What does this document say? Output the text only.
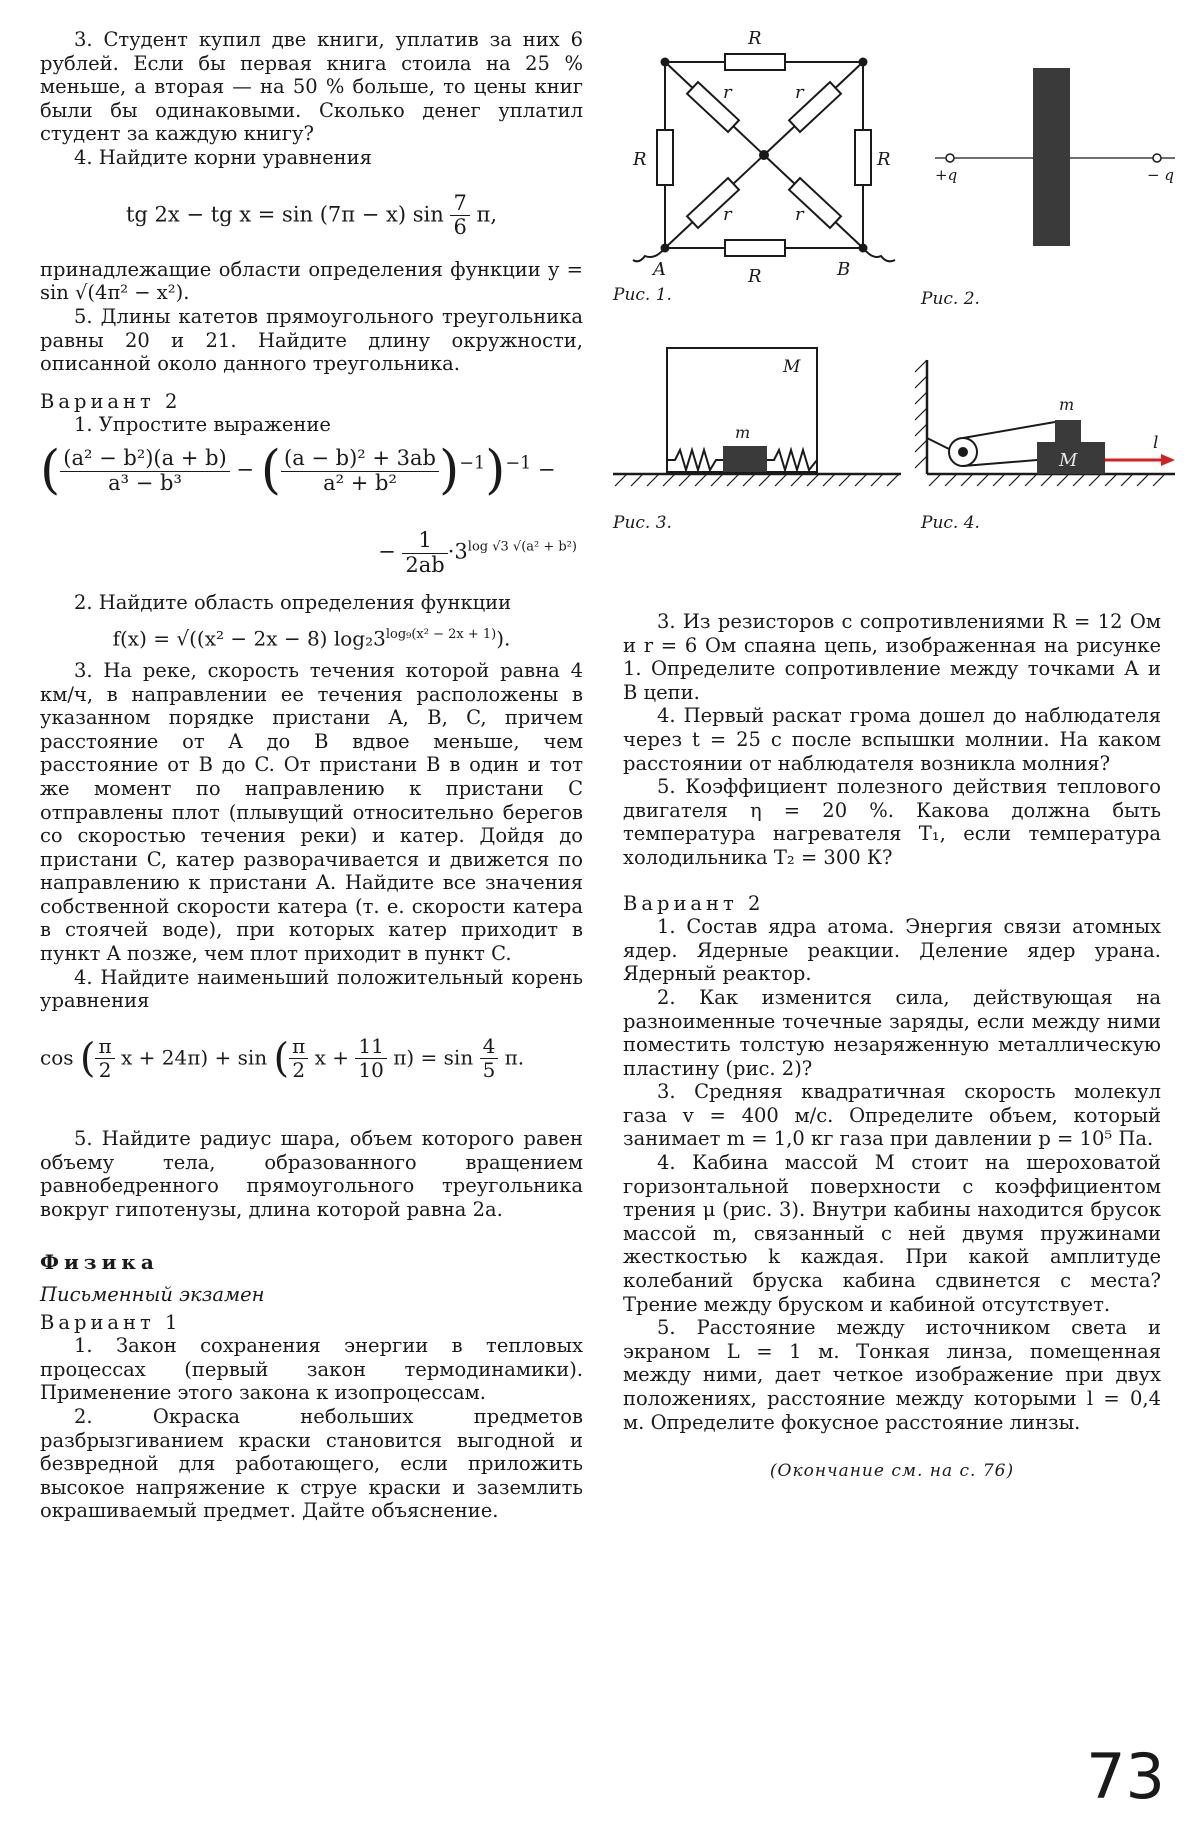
3. Студент купил две книги, уплатив за них 6 рублей. Если бы первая книга стоила на 25 % меньше, а вторая — на 50 % больше, то цены книг были бы одинаковыми. Сколько денег уплатил студент за каждую книгу?

4. Найдите корни уравнения

tg 2x − tg x = sin (7π − x) $\sin \frac{7}{6} \pi$,

принадлежащие области определения функции y = sin √(4π² − x²).

5. Длины катетов прямоугольного треугольника равны 20 и 21. Найдите длину окружности, описанной около данного треугольника.

Вариант 2

1. Упростите выражение

( $\frac{\text{(a² − b²)(a + b)}}{\text{a³ − b³}}$ − ( $\frac{\text{(a − b)² + 3ab}}{\text{a² + b²}} )^{-1})^{-1}$ −
− $\frac{1}{2ab} \cdot 3^{log √3 √(a^2 + b^2)}$

2. Найдите область определения функции

f(x) = √((x² − 2x − 8) $\log_23^{log_9(x^2 - 2x + 1)}$).

3. На реке, скорость течения которой равна 4 км/ч, в направлении ее течения расположены в указанном порядке пристани A, B, C, причем расстояние от A до B вдвое меньше, чем расстояние от B до C. От пристани B в один и тот же момент по направлению к пристани C отправлены плот (плывущий относительно берегов со скоростью течения реки) и катер. Дойдя до пристани C, катер разворачивается и движется по направлению к пристани A. Найдите все значения собственной скорости катера (т. е. скорости катера в стоячей воде), при которых катер приходит в пункт A позже, чем плот приходит в пункт C.

4. Найдите наименьший положительный корень уравнения

cos ( $\frac{\pi}{2}$ x + 24π) + sin ( $\frac{\pi}{2}$ $x + \frac{11}{10} \pi) = \sin \frac{4}{5} \pi$.

5. Найдите радиус шара, объем которого равен объему тела, образованного вращением равнобедренного прямоугольного треугольника вокруг гипотенузы, длина которой равна 2a.

Физика

Письменный экзамен

Вариант 1

1. Закон сохранения энергии в тепловых процессах (первый закон термодинамики). Применение этого закона к изопроцессам.

2. Окраска небольших предметов разбрызгиванием краски становится выгодной и безвредной для работающего, если приложить высокое напряжение к струе краски и заземлить окрашиваемый предмет. Дайте объяснение.

R
R
R	R
r	r
r	r
A	B
Рис. 1.
+q	− q
Рис. 2.
M
m
Рис. 3.
m
M
l
Рис. 4.

3. Из резисторов с сопротивлениями R = 12 Ом и r = 6 Ом спаяна цепь, изображенная на рисунке 1. Определите сопротивление между точками A и B цепи.

4. Первый раскат грома дошел до наблюдателя через t = 25 с после вспышки молнии. На каком расстоянии от наблюдателя возникла молния?

5. Коэффициент полезного действия теплового двигателя η = 20 %. Какова должна быть температура нагревателя T₁, если температура холодильника T₂ = 300 К?

Вариант 2

1. Состав ядра атома. Энергия связи атомных ядер. Ядерные реакции. Деление ядер урана. Ядерный реактор.

2. Как изменится сила, действующая на разноименные точечные заряды, если между ними поместить толстую незаряженную металлическую пластину (рис. 2)?

3. Средняя квадратичная скорость молекул газа v = 400 м/с. Определите объем, который занимает m = 1,0 кг газа при давлении p = 10⁵ Па.

4. Кабина массой M стоит на шероховатой горизонтальной поверхности с коэффициентом трения μ (рис. 3). Внутри кабины находится брусок массой m, связанный с ней двумя пружинами жесткостью k каждая. При какой амплитуде колебаний бруска кабина сдвинется с места? Трение между бруском и кабиной отсутствует.

5. Расстояние между источником света и экраном L = 1 м. Тонкая линза, помещенная между ними, дает четкое изображение при двух положениях, расстояние между которыми l = 0,4 м. Определите фокусное расстояние линзы.

(Окончание см. на с. 76)

73
